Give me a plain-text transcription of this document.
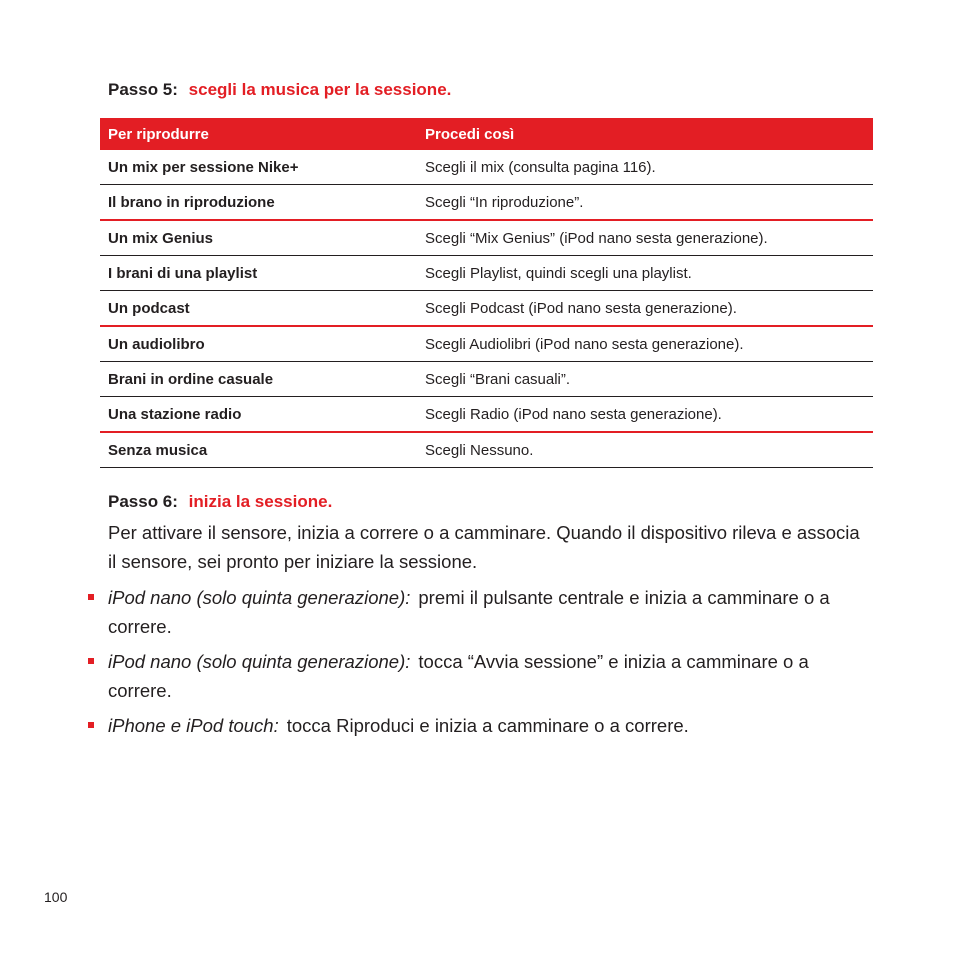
Passo 5: scegli la musica per la sessione.
Per riprodurre	Procedi così
Un mix per sessione Nike+	Scegli il mix (consulta pagina 116).
Il brano in riproduzione	Scegli “In riproduzione”.
Un mix Genius	Scegli “Mix Genius” (iPod nano sesta generazione).
I brani di una playlist	Scegli Playlist, quindi scegli una playlist.
Un podcast	Scegli Podcast (iPod nano sesta generazione).
Un audiolibro	Scegli Audiolibri (iPod nano sesta generazione).
Brani in ordine casuale	Scegli “Brani casuali”.
Una stazione radio	Scegli Radio (iPod nano sesta generazione).
Senza musica	Scegli Nessuno.
Passo 6: inizia la sessione.
Per attivare il sensore, inizia a correre o a camminare. Quando il dispositivo rileva e associa il sensore, sei pronto per iniziare la sessione.
iPod nano (solo quinta generazione): premi il pulsante centrale e inizia a camminare o a correre.
iPod nano (solo quinta generazione): tocca “Avvia sessione” e inizia a camminare o a correre.
iPhone e iPod touch: tocca Riproduci e inizia a camminare o a correre.
100
